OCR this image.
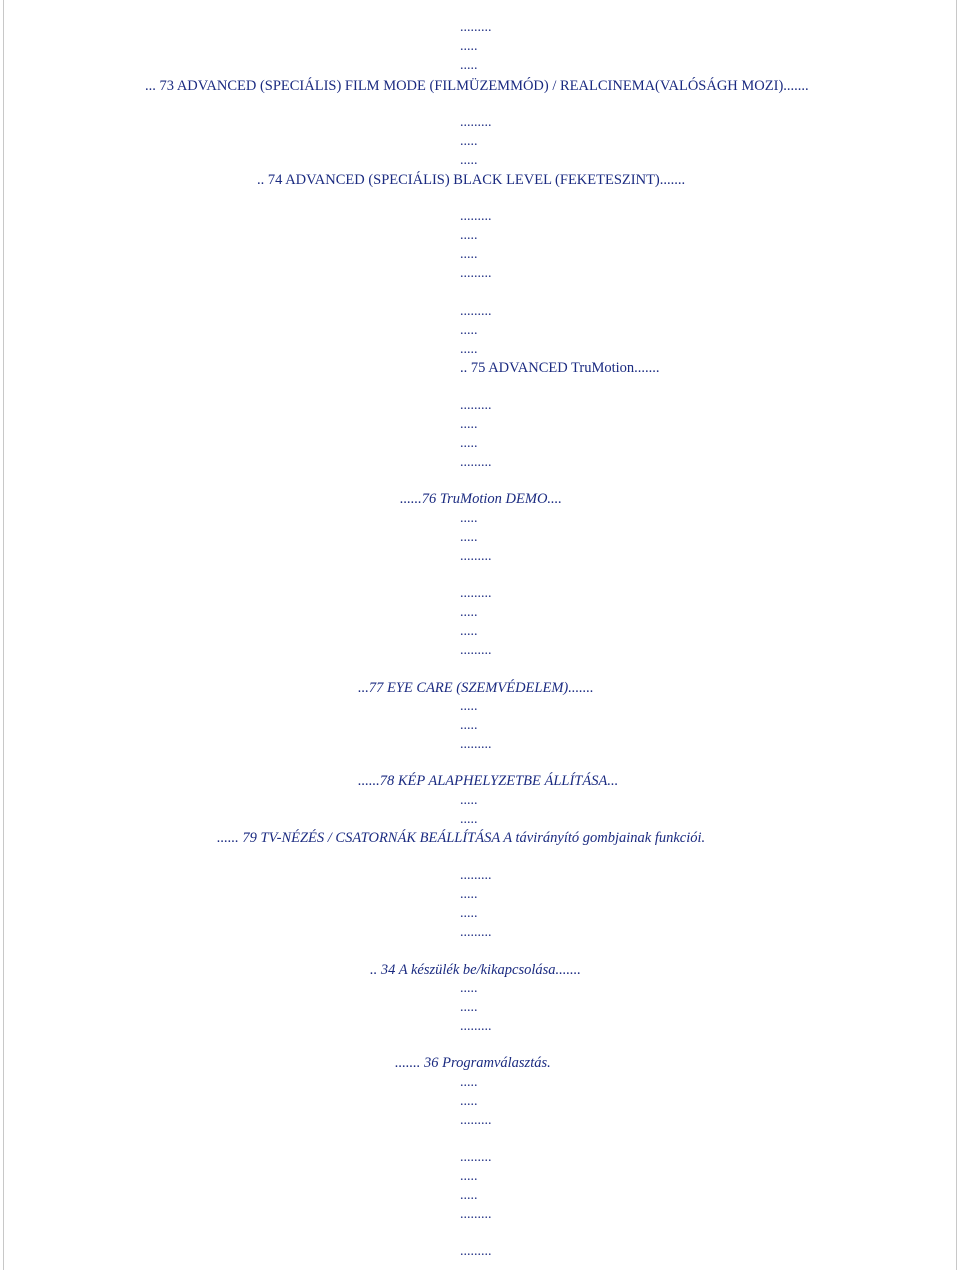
.........
.....
.....
... 73 ADVANCED (SPECIÁLIS) FILM MODE (FILMÜZEMMÓD) / REALCINEMA(VALÓSÁGH MOZI).......
.........
.....
.....
.. 74 ADVANCED (SPECIÁLIS) BLACK LEVEL (FEKETESZINT).......
.........
.....
.....
.........
.........
.....
.....
.. 75 ADVANCED TruMotion.......
.........
.....
.....
.........
......76 TruMotion DEMO....
.....
.....
.........
.........
.....
.....
.........
...77 EYE CARE (SZEMVÉDELEM).......
.....
.....
.........
......78 KÉP ALAPHELYZETBE ÁLLÍTÁSA...
.....
.....
...... 79 TV-NÉZÉS / CSATORNÁK BEÁLLÍTÁSA A távirányító gombjainak funkciói.
.........
.....
.....
.........
.. 34 A készülék be/kikapcsolása.......
.....
.....
.........
....... 36 Programválasztás.
.....
.....
.........
.........
.....
.....
.........
.........
